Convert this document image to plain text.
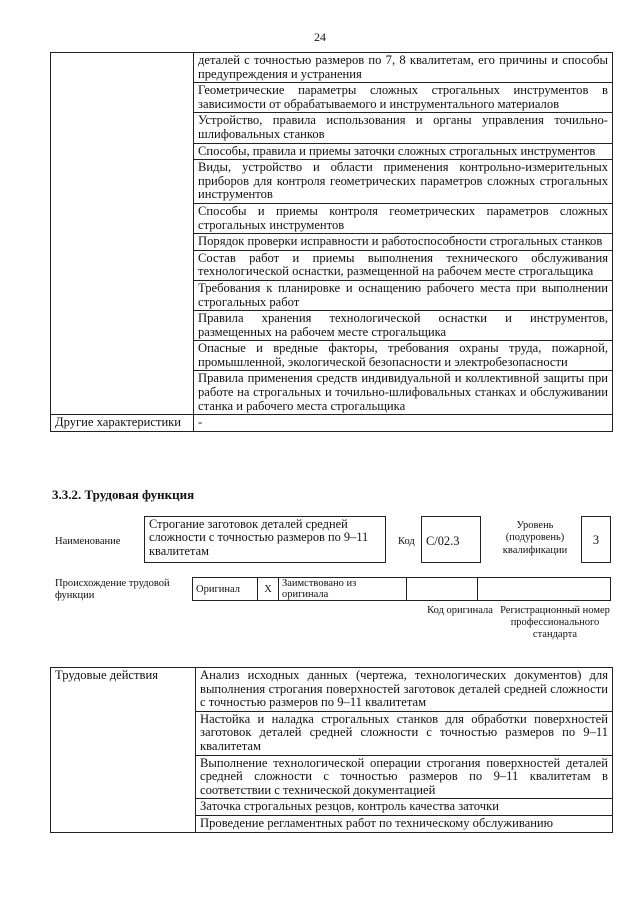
24
	деталей с точностью размеров по 7, 8 квалитетам, его причины и способы предупреждения и устранения
	Геометрические параметры сложных строгальных инструментов в зависимости от обрабатываемого и инструментального материалов
	Устройство, правила использования и органы управления точильно-шлифовальных станков
	Способы, правила и приемы заточки сложных строгальных инструментов
	Виды, устройство и области применения контрольно-измерительных приборов для контроля геометрических параметров сложных строгальных инструментов
	Способы и приемы контроля геометрических параметров сложных строгальных инструментов
	Порядок проверки исправности и работоспособности строгальных станков
	Состав работ и приемы выполнения технического обслуживания технологической оснастки, размещенной на рабочем месте строгальщика
	Требования к планировке и оснащению рабочего места при выполнении строгальных работ
	Правила хранения технологической оснастки и инструментов, размещенных на рабочем месте строгальщика
	Опасные и вредные факторы, требования охраны труда, пожарной, промышленной, экологической безопасности и электробезопасности
	Правила применения средств индивидуальной и коллективной защиты при работе на строгальных и точильно-шлифовальных станках и обслуживании станка и рабочего места строгальщика
Другие характеристики	-
3.3.2. Трудовая функция
Наименование
Строгание заготовок деталей средней сложности с точностью размеров по 9–11 квалитетам
Код С/02.3
Уровень (подуровень) квалификации
3
Происхождение трудовой функции
Оригинал	X	Заимствовано из оригинала		
Код оригинала Регистрационный номер профессионального стандарта
Трудовые действия	Анализ исходных данных (чертежа, технологических документов) для выполнения строгания поверхностей заготовок деталей средней сложности с точностью размеров по 9–11 квалитетам
Настойка и наладка строгальных станков для обработки поверхностей заготовок деталей средней сложности с точностью размеров по 9–11 квалитетам
Выполнение технологической операции строгания поверхностей деталей средней сложности с точностью размеров по 9–11 квалитетам в соответствии с технической документацией
Заточка строгальных резцов, контроль качества заточки
Проведение регламентных работ по техническому обслуживанию
